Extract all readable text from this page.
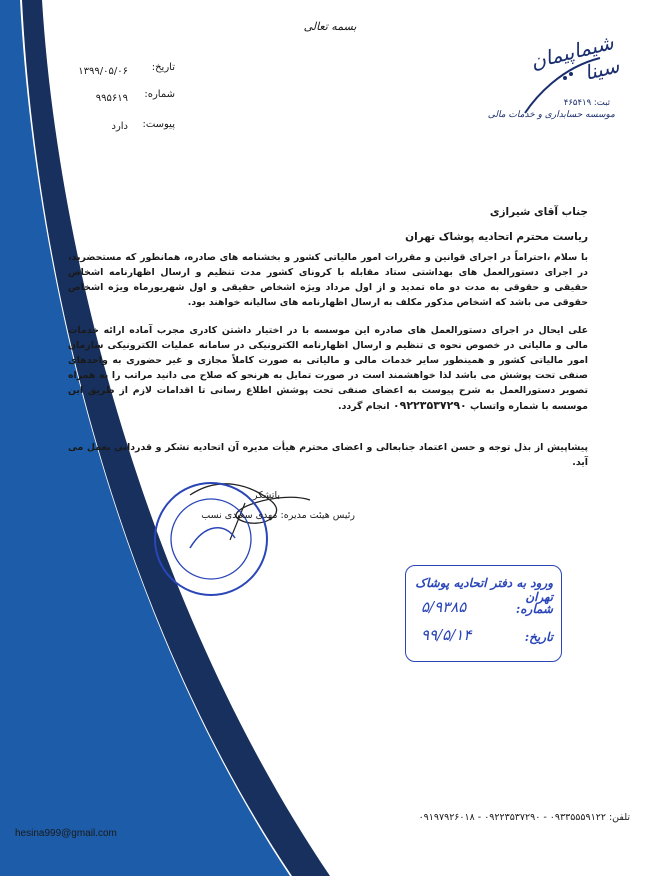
بسمه تعالی
شیماپیمان سینا
ثبت: ۴۶۵۴۱۹
موسسه حسابداری و خدمات مالی
تاریخ:
۱۳۹۹/۰۵/۰۶
شماره:
۹۹۵۶۱۹
پیوست:
دارد
جناب آقای شیرازی
ریاست محترم اتحادیه پوشاک تهران
با سلام ،احتراماً در اجرای قوانین و مقررات امور مالیاتی کشور و بخشنامه های صادره، همانطور که مستحضرید، در اجرای دستورالعمل های بهداشتی ستاد مقابله با کرونای کشور مدت تنظیم و ارسال اظهارنامه اشخاص حقیقی و حقوقی به مدت دو ماه تمدید و از اول مرداد ویژه اشخاص حقیقی و اول شهریورماه ویژه اشخاص حقوقی می باشد که اشخاص مذکور مکلف به ارسال اظهارنامه های سالیانه خواهند بود.
علی ایحال در اجرای دستورالعمل های صادره این موسسه با در اختیار داشتن کادری مجرب آماده ارائه خدمات مالی و مالیاتی در خصوص نحوه ی تنظیم و ارسال اظهارنامه الکترونیکی در سامانه عملیات الکترونیکی سازمان امور مالیاتی کشور و همینطور سایر خدمات مالی و مالیاتی به صورت کاملاً مجازی و غیر حضوری به واحدهای صنفی تحت پوشش می باشد لذا خواهشمند است در صورت تمایل به هرنحو که صلاح می دانید مراتب را به همراه تصویر دستورالعمل به شرح پیوست به اعضای صنفی تحت پوشش اطلاع رسانی تا اقدامات لازم از طریق این موسسه با شماره واتساپ ۰۹۲۲۳۵۳۷۲۹۰ انجام گردد.
پیشاپیش از بذل توجه و حسن اعتماد جنابعالی و اعضای محترم هیأت مدیره آن اتحادیه تشکر و قدردانی بعمل می آید.
باتشکر
رئیس هیئت مدیره: مهدی سعیدی نسب
ورود به دفتر اتحادیه پوشاک تهران
شماره:
۵/۹۳۸۵
تاریخ:
۹۹/۵/۱۴
تلفن: ۰۹۳۳۵۵۵۹۱۲۲ - ۰۹۲۲۳۵۳۷۲۹۰ - ۰۹۱۹۷۹۲۶۰۱۸
hesina999@gmail.com
